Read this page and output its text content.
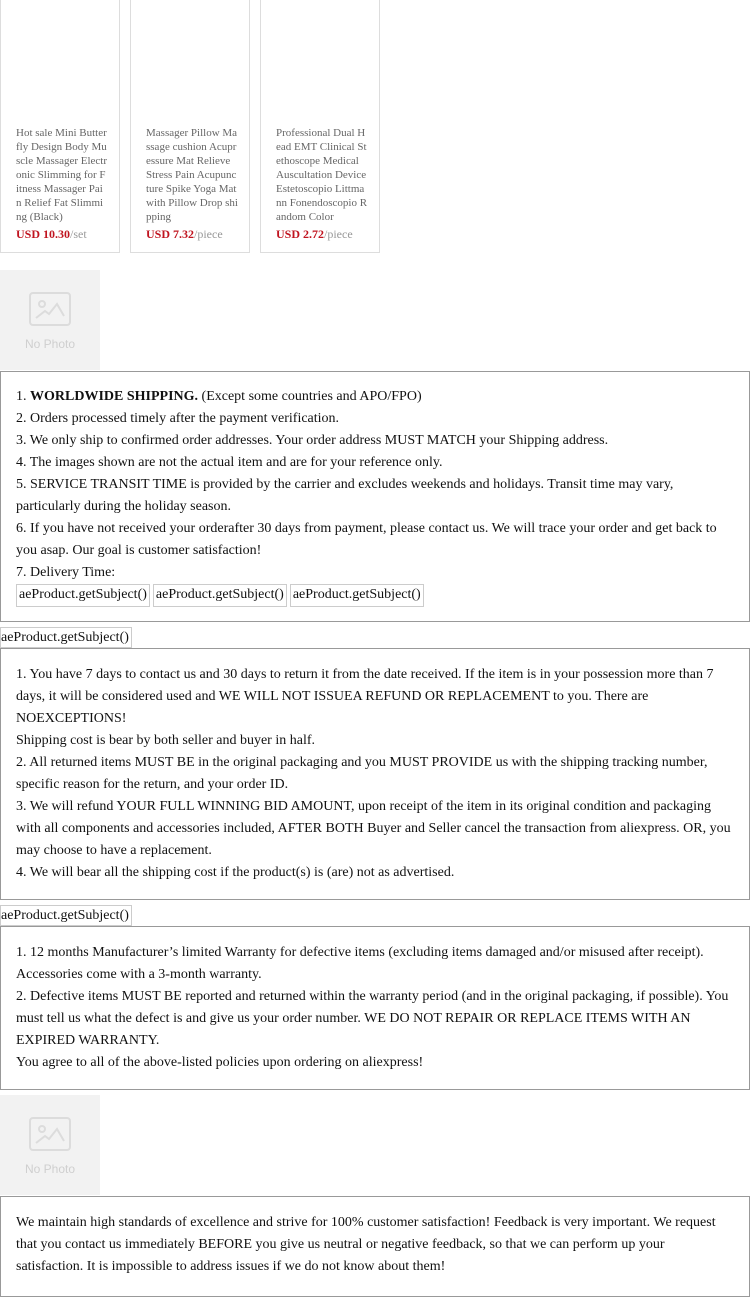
Hot sale Mini Butterfly Design Body Muscle Massager Electronic Slimming for Fitness Massager Pain Relief Fat Slimming (Black)
USD 10.30/set
Massager Pillow Massage cushion Acupressure Mat Relieve Stress Pain Acupuncture Spike Yoga Mat with Pillow Drop shipping
USD 7.32/piece
Professional Dual Head EMT Clinical Stethoscope Medical Auscultation Device Estetoscopio Littmann Fonendoscopio Random Color
USD 2.72/piece
No Photo
1. WORLDWIDE SHIPPING. (Except some countries and APO/FPO)
2. Orders processed timely after the payment verification.
3. We only ship to confirmed order addresses. Your order address MUST MATCH your Shipping address.
4. The images shown are not the actual item and are for your reference only.
5. SERVICE TRANSIT TIME is provided by the carrier and excludes weekends and holidays. Transit time may vary, particularly during the holiday season.
6. If you have not received your orderafter 30 days from payment, please contact us. We will trace your order and get back to you asap. Our goal is customer satisfaction!
7. Delivery Time:
aeProduct.getSubject() aeProduct.getSubject() aeProduct.getSubject()
aeProduct.getSubject()
1. You have 7 days to contact us and 30 days to return it from the date received. If the item is in your possession more than 7 days, it will be considered used and WE WILL NOT ISSUEA REFUND OR REPLACEMENT to you. There are NOEXCEPTIONS!
Shipping cost is bear by both seller and buyer in half.
2. All returned items MUST BE in the original packaging and you MUST PROVIDE us with the shipping tracking number, specific reason for the return, and your order ID.
3. We will refund YOUR FULL WINNING BID AMOUNT, upon receipt of the item in its original condition and packaging with all components and accessories included, AFTER BOTH Buyer and Seller cancel the transaction from aliexpress. OR, you may choose to have a replacement.
4. We will bear all the shipping cost if the product(s) is (are) not as advertised.
aeProduct.getSubject()
1. 12 months Manufacturer’s limited Warranty for defective items (excluding items damaged and/or misused after receipt). Accessories come with a 3-month warranty.
2. Defective items MUST BE reported and returned within the warranty period (and in the original packaging, if possible). You must tell us what the defect is and give us your order number. WE DO NOT REPAIR OR REPLACE ITEMS WITH AN EXPIRED WARRANTY.
You agree to all of the above-listed policies upon ordering on aliexpress!
No Photo
We maintain high standards of excellence and strive for 100% customer satisfaction! Feedback is very important. We request that you contact us immediately BEFORE you give us neutral or negative feedback, so that we can perform up your satisfaction. It is impossible to address issues if we do not know about them!
